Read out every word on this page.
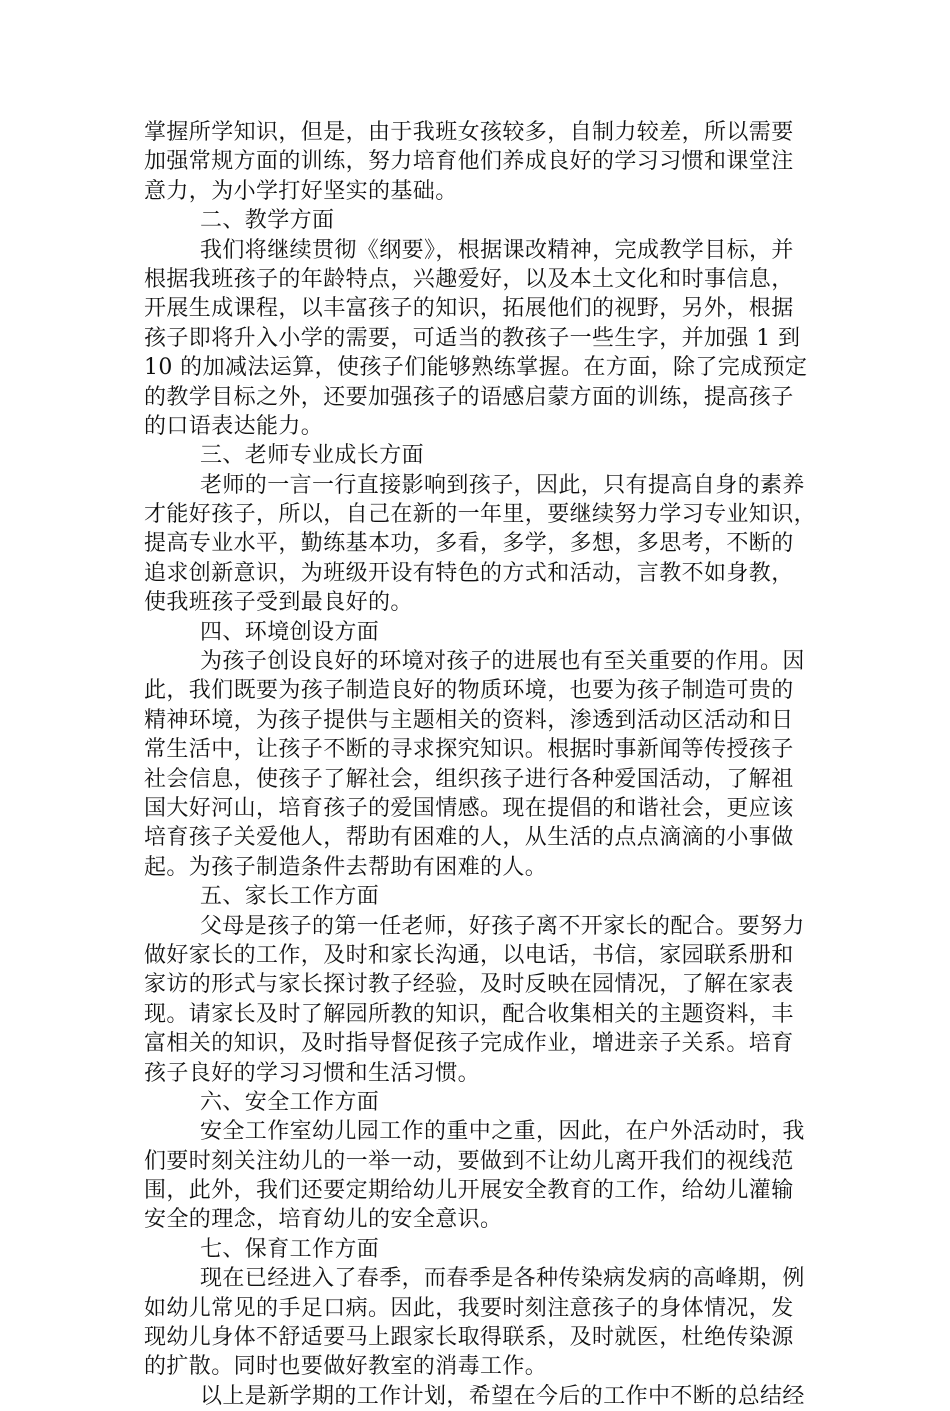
掌握所学知识，但是，由于我班女孩较多，自制力较差，所以需要
加强常规方面的训练，努力培育他们养成良好的学习习惯和课堂注
意力，为小学打好坚实的基础。
二、教学方面
我们将继续贯彻《纲要》，根据课改精神，完成教学目标，并
根据我班孩子的年龄特点，兴趣爱好，以及本土文化和时事信息，
开展生成课程，以丰富孩子的知识，拓展他们的视野，另外，根据
孩子即将升入小学的需要，可适当的教孩子一些生字，并加强 1 到
10 的加减法运算，使孩子们能够熟练掌握。在方面，除了完成预定
的教学目标之外，还要加强孩子的语感启蒙方面的训练，提高孩子
的口语表达能力。
三、老师专业成长方面
老师的一言一行直接影响到孩子，因此，只有提高自身的素养
才能好孩子，所以，自己在新的一年里，要继续努力学习专业知识，
提高专业水平，勤练基本功，多看，多学，多想，多思考，不断的
追求创新意识，为班级开设有特色的方式和活动，言教不如身教，
使我班孩子受到最良好的。
四、环境创设方面
为孩子创设良好的环境对孩子的进展也有至关重要的作用。因
此，我们既要为孩子制造良好的物质环境，也要为孩子制造可贵的
精神环境，为孩子提供与主题相关的资料，渗透到活动区活动和日
常生活中，让孩子不断的寻求探究知识。根据时事新闻等传授孩子
社会信息，使孩子了解社会，组织孩子进行各种爱国活动，了解祖
国大好河山，培育孩子的爱国情感。现在提倡的和谐社会，更应该
培育孩子关爱他人，帮助有困难的人，从生活的点点滴滴的小事做
起。为孩子制造条件去帮助有困难的人。
五、家长工作方面
父母是孩子的第一任老师，好孩子离不开家长的配合。要努力
做好家长的工作，及时和家长沟通，以电话，书信，家园联系册和
家访的形式与家长探讨教子经验，及时反映在园情况，了解在家表
现。请家长及时了解园所教的知识，配合收集相关的主题资料，丰
富相关的知识，及时指导督促孩子完成作业，增进亲子关系。培育
孩子良好的学习习惯和生活习惯。
六、安全工作方面
安全工作室幼儿园工作的重中之重，因此，在户外活动时，我
们要时刻关注幼儿的一举一动，要做到不让幼儿离开我们的视线范
围，此外，我们还要定期给幼儿开展安全教育的工作，给幼儿灌输
安全的理念，培育幼儿的安全意识。
七、保育工作方面
现在已经进入了春季，而春季是各种传染病发病的高峰期，例
如幼儿常见的手足口病。因此，我要时刻注意孩子的身体情况，发
现幼儿身体不舒适要马上跟家长取得联系，及时就医，杜绝传染源
的扩散。同时也要做好教室的消毒工作。
以上是新学期的工作计划，希望在今后的工作中不断的总结经
